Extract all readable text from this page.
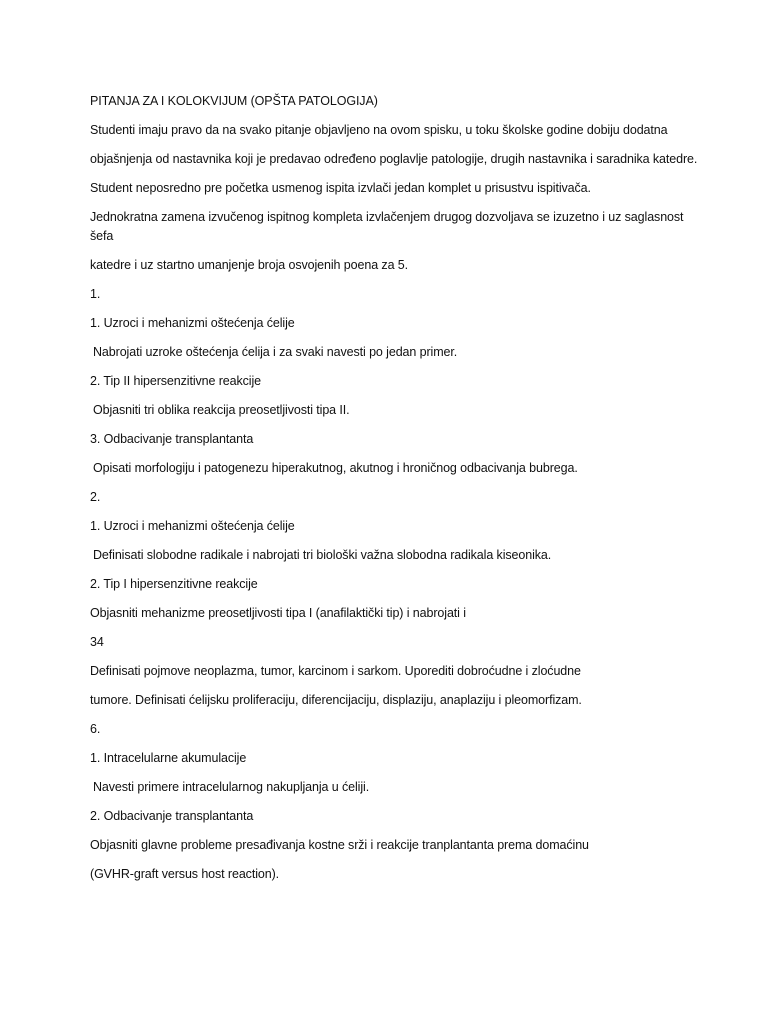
PITANJA ZA I KOLOKVIJUM (OPŠTA PATOLOGIJA)

Studenti imaju pravo da na svako pitanje objavljeno na ovom spisku, u toku školske godine dobiju dodatna

objašnjenja od nastavnika koji je predavao određeno poglavlje patologije, drugih nastavnika i saradnika katedre.

Student neposredno pre početka usmenog ispita izvlači jedan komplet u prisustvu ispitivača.

Jednokratna zamena izvučenog ispitnog kompleta izvlačenjem drugog dozvoljava se izuzetno i uz saglasnost šefa

katedre i uz startno umanjenje broja osvojenih poena za 5.

1.

1. Uzroci i mehanizmi oštećenja ćelije

Nabrojati uzroke oštećenja ćelija i za svaki navesti po jedan primer.

2. Tip II hipersenzitivne reakcije

Objasniti tri oblika reakcija preosetljivosti tipa II.

3. Odbacivanje transplantanta

Opisati morfologiju i patogenezu hiperakutnog, akutnog i hroničnog odbacivanja bubrega.

2.

1. Uzroci i mehanizmi oštećenja ćelije

Definisati slobodne radikale i nabrojati tri biološki važna slobodna radikala kiseonika.

2. Tip I hipersenzitivne reakcije

Objasniti mehanizme preosetljivosti tipa I (anafilaktički tip) i nabrojati i

34

Definisati pojmove neoplazma, tumor, karcinom i sarkom. Uporediti dobroćudne i zloćudne

tumore. Definisati ćelijsku proliferaciju, diferencijaciju, displaziju, anaplaziju i pleomorfizam.

6.

1. Intracelularne akumulacije

Navesti primere intracelularnog nakupljanja u ćeliji.

2. Odbacivanje transplantanta

Objasniti glavne probleme presađivanja kostne srži i reakcije tranplantanta prema domaćinu

(GVHR-graft versus host reaction).
